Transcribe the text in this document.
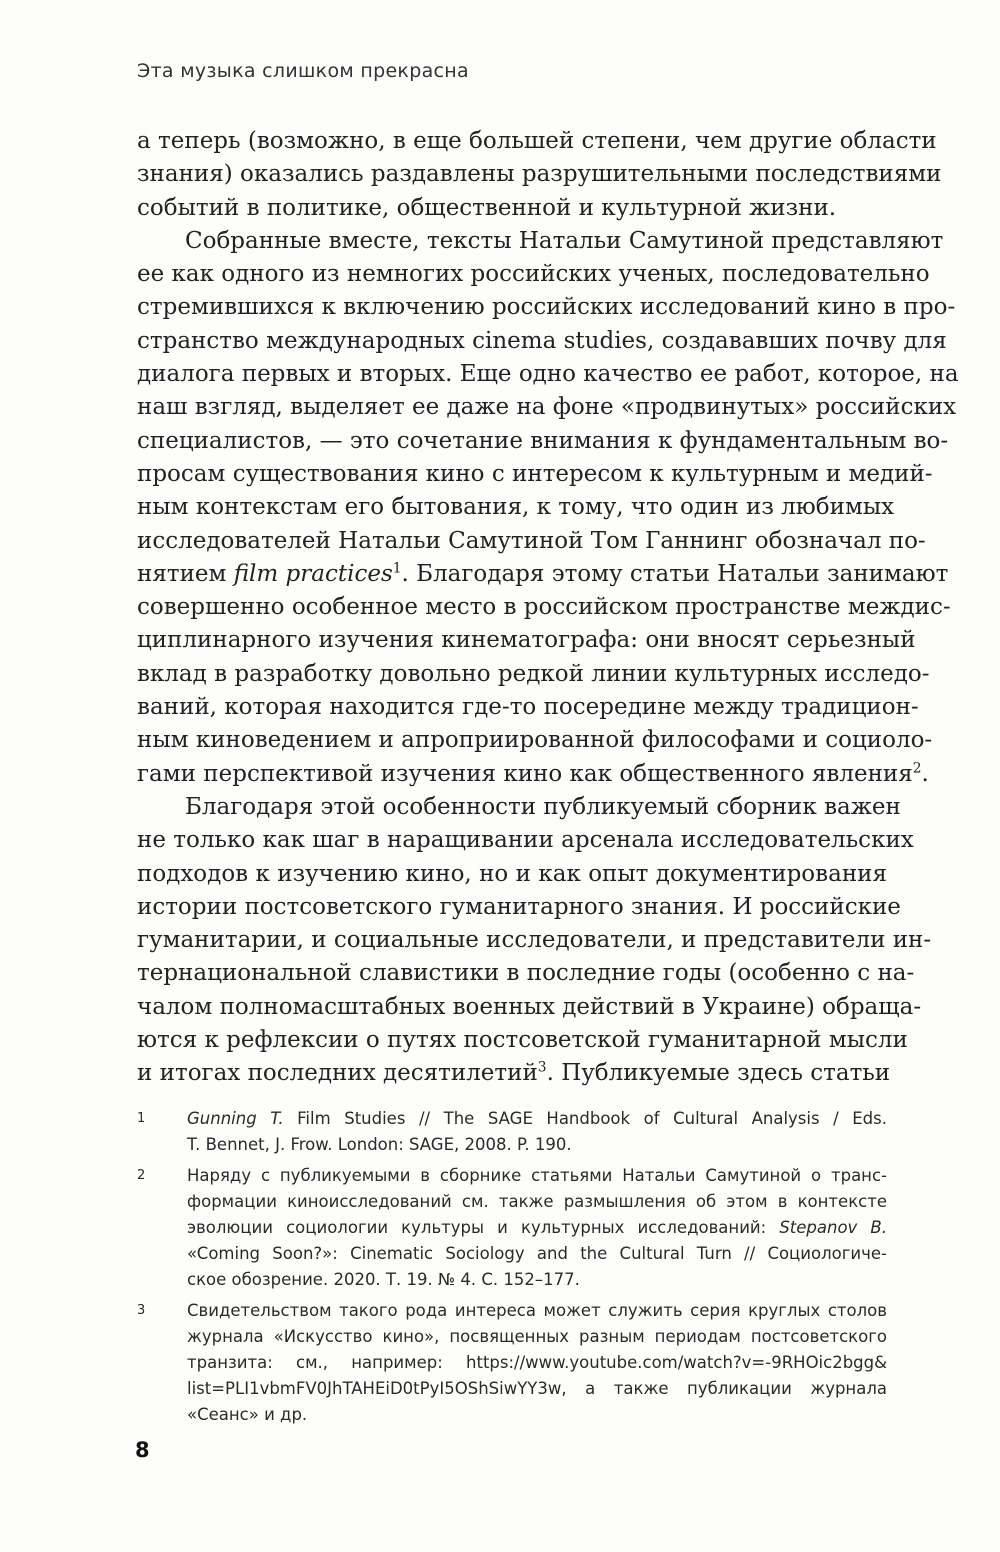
Эта музыка слишком прекрасна
а теперь (возможно, в еще большей степени, чем другие области
знания) оказались раздавлены разрушительными последствиями
событий в политике, общественной и культурной жизни.
Собранные вместе, тексты Натальи Самутиной представляют
ее как одного из немногих российских ученых, последовательно
стремившихся к включению российских исследований кино в про-
странство международных cinema studies, создававших почву для
диалога первых и вторых. Еще одно качество ее работ, которое, на
наш взгляд, выделяет ее даже на фоне «продвинутых» российских
специалистов, — это сочетание внимания к фундаментальным во-
просам существования кино с интересом к культурным и медий-
ным контекстам его бытования, к тому, что один из любимых
исследователей Натальи Самутиной Том Ганнинг обозначал по-
нятием film practices$^1$. Благодаря этому статьи Натальи занимают
совершенно особенное место в российском пространстве междис-
циплинарного изучения кинематографа: они вносят серьезный
вклад в разработку довольно редкой линии культурных исследо-
ваний, которая находится где-то посередине между традицион-
ным киноведением и апроприированной философами и социоло-
гами перспективой изучения кино как общественного явления$^2$.
Благодаря этой особенности публикуемый сборник важен
не только как шаг в наращивании арсенала исследовательских
подходов к изучению кино, но и как опыт документирования
истории постсоветского гуманитарного знания. И российские
гуманитарии, и социальные исследователи, и представители ин-
тернациональной славистики в последние годы (особенно с на-
чалом полномасштабных военных действий в Украине) обраща-
ются к рефлексии о путях постсоветской гуманитарной мысли
и итогах последних десятилетий$^3$. Публикуемые здесь статьи
1	Gunning T. Film Studies // The SAGE Handbook of Cultural Analysis / Eds.
T. Bennet, J. Frow. London: SAGE, 2008. P. 190.
2	Наряду с публикуемыми в сборнике статьями Натальи Самутиной о транс-
формации киноисследований см. также размышления об этом в контексте
эволюции социологии культуры и культурных исследований: Stepanov B.
«Coming Soon?»: Cinematic Sociology and the Cultural Turn // Социологиче-
ское обозрение. 2020. Т. 19. № 4. С. 152–177.
3	Свидетельством такого рода интереса может служить серия круглых столов
журнала «Искусство кино», посвященных разным периодам постсоветского
транзита: см., например: https://www.youtube.com/watch?v=-9RHOic2bgg&
list=PLI1vbmFV0JhTAHEiD0tPyI5OShSiwYY3w, а также публикации журнала
«Сеанс» и др.
8
